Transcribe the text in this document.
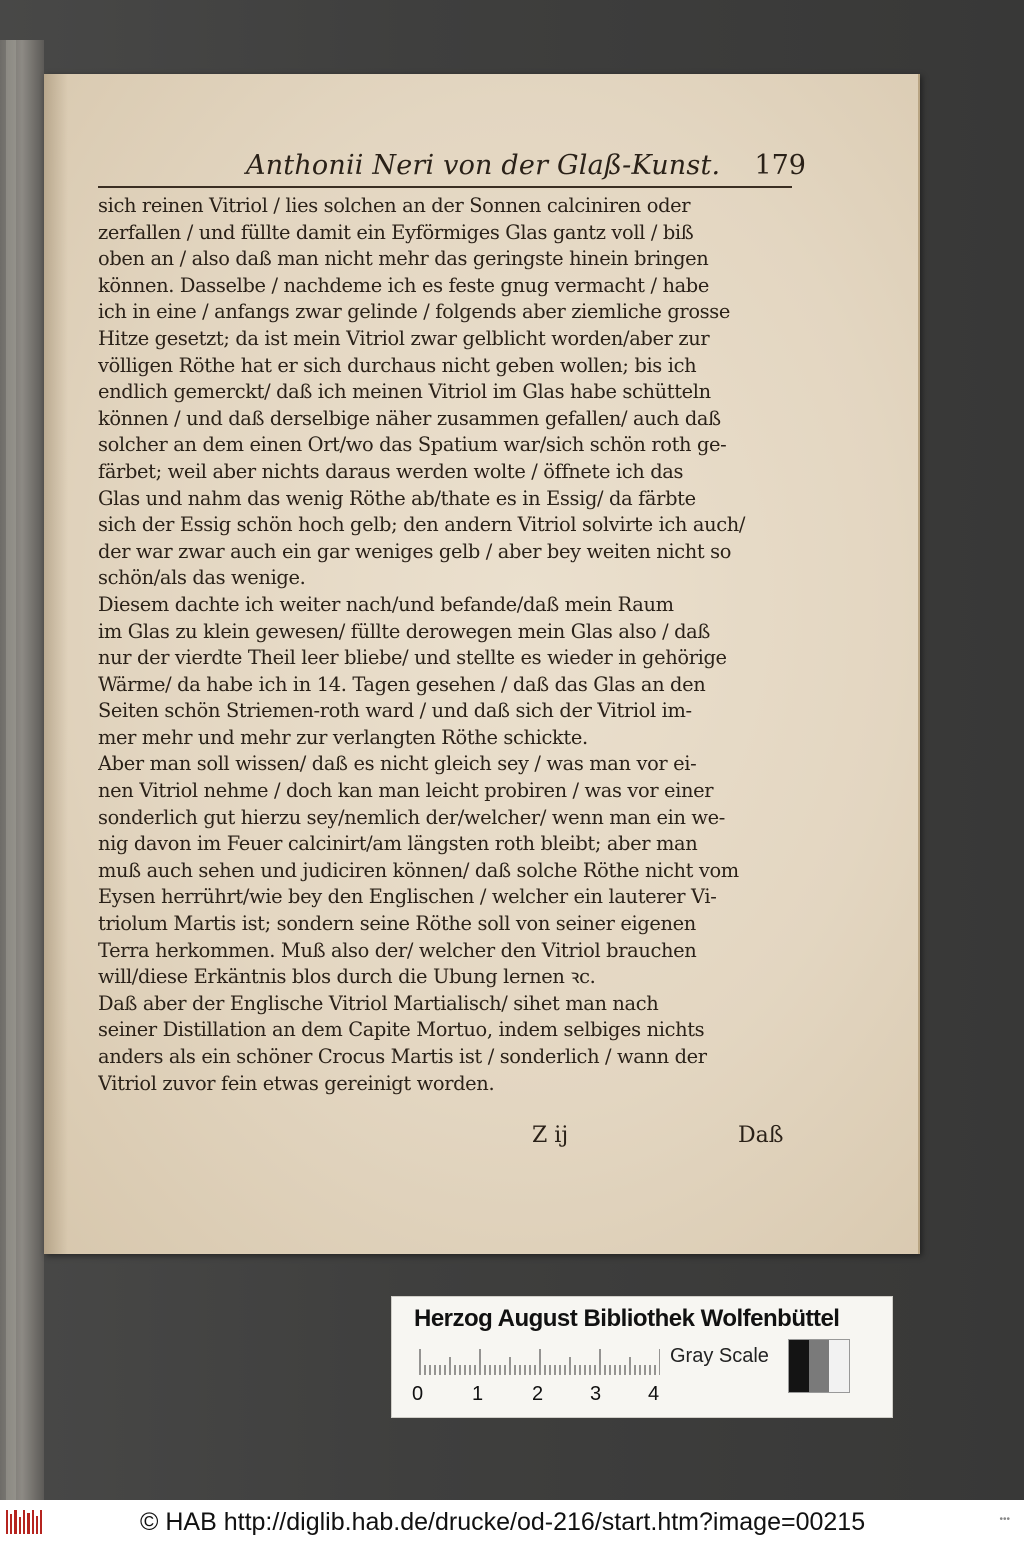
Anthonii Neri von der Glaß-Kunst. 179
sich reinen Vitriol / lies solchen an der Sonnen calciniren oder
zerfallen / und füllte damit ein Eyförmiges Glas gantz voll / biß
oben an / also daß man nicht mehr das geringste hinein bringen
können. Dasselbe / nachdeme ich es feste gnug vermacht / habe
ich in eine / anfangs zwar gelinde / folgends aber ziemliche grosse
Hitze gesetzt; da ist mein Vitriol zwar gelblicht worden/aber zur
völligen Röthe hat er sich durchaus nicht geben wollen; bis ich
endlich gemerckt/ daß ich meinen Vitriol im Glas habe schütteln
können / und daß derselbige näher zusammen gefallen/ auch daß
solcher an dem einen Ort/wo das Spatium war/sich schön roth ge-
färbet; weil aber nichts daraus werden wolte / öffnete ich das
Glas und nahm das wenig Röthe ab/thate es in Essig/ da färbte
sich der Essig schön hoch gelb; den andern Vitriol solvirte ich auch/
der war zwar auch ein gar weniges gelb / aber bey weiten nicht so
schön/als das wenige.
Diesem dachte ich weiter nach/und befande/daß mein Raum
im Glas zu klein gewesen/ füllte derowegen mein Glas also / daß
nur der vierdte Theil leer bliebe/ und stellte es wieder in gehörige
Wärme/ da habe ich in 14. Tagen gesehen / daß das Glas an den
Seiten schön Striemen-roth ward / und daß sich der Vitriol im-
mer mehr und mehr zur verlangten Röthe schickte.
Aber man soll wissen/ daß es nicht gleich sey / was man vor ei-
nen Vitriol nehme / doch kan man leicht probiren / was vor einer
sonderlich gut hierzu sey/nemlich der/welcher/ wenn man ein we-
nig davon im Feuer calcinirt/am längsten roth bleibt; aber man
muß auch sehen und judiciren können/ daß solche Röthe nicht vom
Eysen herrührt/wie bey den Englischen / welcher ein lauterer Vi-
triolum Martis ist; sondern seine Röthe soll von seiner eigenen
Terra herkommen. Muß also der/ welcher den Vitriol brauchen
will/diese Erkäntnis blos durch die Ubung lernen ꝛc.
Daß aber der Englische Vitriol Martialisch/ sihet man nach
seiner Distillation an dem Capite Mortuo, indem selbiges nichts
anders als ein schöner Crocus Martis ist / sonderlich / wann der
Vitriol zuvor fein etwas gereinigt worden.
Z ij	Daß
Herzog August Bibliothek Wolfenbüttel
Gray Scale
0 1 2 3 4
© HAB http://diglib.hab.de/drucke/od-216/start.htm?image=00215	•••
